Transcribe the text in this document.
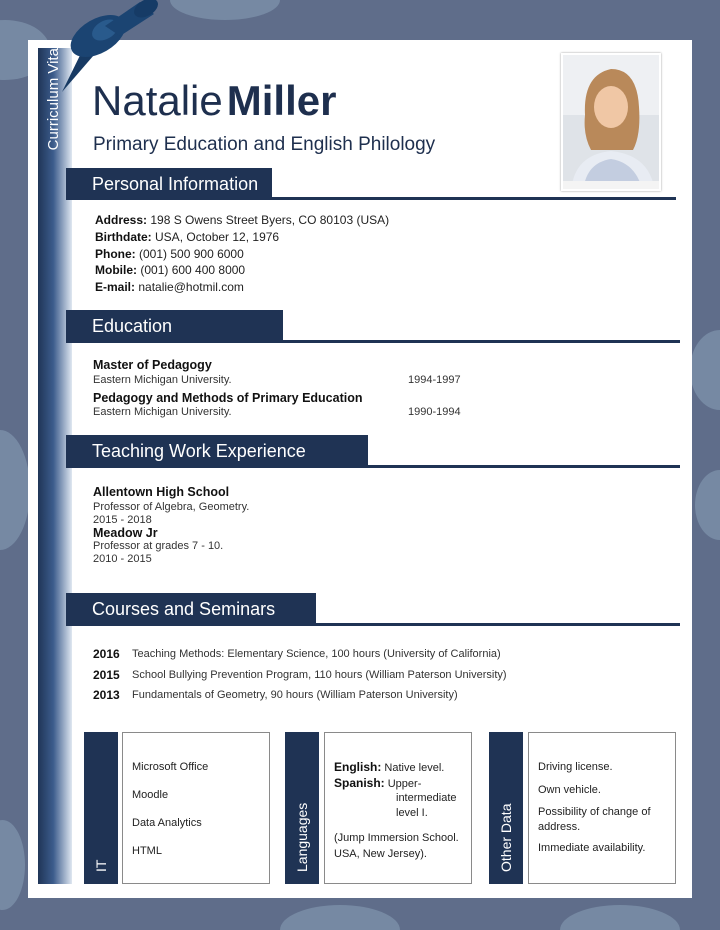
Curriculum Vitae NatalieMiller
Primary Education and English Philology
Personal Information
Address: 198 S Owens Street Byers, CO 80103 (USA)
Birthdate: USA, October 12, 1976
Phone: (001) 500 900 6000
Mobile: (001) 600 400 8000
E-mail: natalie@hotmil.com
Education
Master of Pedagogy
Eastern Michigan University.	1994-1997
Pedagogy and Methods of Primary Education
Eastern Michigan University.	1990-1994
Teaching Work Experience
Allentown High School
Professor of Algebra, Geometry.
2015 - 2018
Meadow Jr
Professor at grades 7 - 10.
2010 - 2015
Courses and Seminars
2016 Teaching Methods: Elementary Science, 100 hours (University of California)
2015 School Bullying Prevention Program, 110 hours (William Paterson University)
2013 Fundamentals of Geometry, 90 hours (William Paterson University)
IT
Microsoft Office
Moodle
Data Analytics
HTML	Languages
English: Native level.
Spanish: Upper-
intermediate
level I.
(Jump Immersion School.
USA, New Jersey).	Other Data
Driving license.
Own vehicle.
Possibility of change of
address.
Immediate availability.
